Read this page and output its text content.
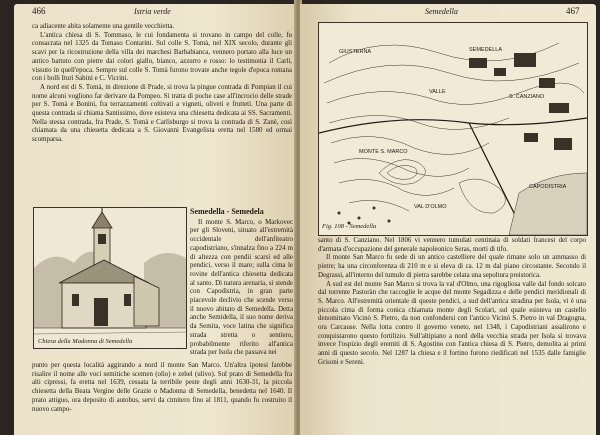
466	Istria verde

ca adiacente abita solamente una gentile vecchietta.

L'antica chiesa di S. Tommaso, le cui fondamenta si trovano in campo del colle, fu consacrata nel 1325 da Tomaso Contarini. Sul colle S. Tomà, nel XIX secolo, durante gli scavi per la ricostruzione della villa dei marchesi Barbabianca, vennero portato alla luce un antico battuto con pietre dai colori giallo, bianco, azzurro e rosso: lo testimonia il Carli, vissuto in quell'epoca. Sempre sul colle S. Tomà furono trovate anche tegole d'epoca romana con i bolli Iturì Sabini e C. Vicrini.

A nord est di S. Tomà, in direzione di Prade, si trova la pingue contrada di Pompian il cui nome alcuni vogliono far derivare da Pompeo. Si tratta di poche case all'incrocio delle strade per S. Tomà e Bonini, fra terrazzamenti coltivati a vigneti, oliveti e frutteti. Una parte di questa contrada si chiama Santissimo, dove esisteva una chiesetta dedicata ai SS. Sacramenti. Nella stessa contrada, fra Prade, S. Tomà e Carlisburgo si trova la contrada di S. Zanè, così chiamata da una chiesetta dedicata a S. Giovanni Evangelista eretta nel 1580 ed ormai scomparsa.

Chiesa della Madonna di Semedella
Semedella - Semedela

Il monte S. Marco, o Markovec per gli Sloveni, situato all'estremità occidentale dell'anfiteatro capodistriano, s'innalza fino a 224 m di altezza con pendii scarsi ed alle pendici, verso il mare; sulla cima le rovine dell'antica chiesetta dedicata al santo. Di natura arenaria, si stende con Capodistria, in gran parte piacevole declivio che scende verso il nuovo abitato di Semedella. Detta anche Semidella, il suo nome deriva da Semita, voce latina che significa strada stretta o sentiero, probabilmente riferito all'antica strada per Isola che passava nei

punto per questa località aggirando a nord il monte San Marco. Un'altra ipotesi farebbe risalire il nome alle voci semitiche scemen (olio) e zehel (ulivo). Sul prato di Semedella fra alti cipressi, fa eretta nel 1639, cessata la terribile peste degli anni 1630-31, la piccola chiesetta della Beata Vergine delle Grazie o Madonna di Semedella, benedetta nel 1640. Il prato attiguo, ora deposito di autobus, servi da cimitero fino al 1811, quando fu costruito il nuovo campo-

Semedella	467
SEMEDELLA
MONTE S. MARCO
VAL D'OLMO
CAPODISTRIA
GIUSTERNA
S. CANZIANO
VALLE
Fig. 108 - Semedella

santo di S. Canziano. Nel 1806 vi vennero tumulati centinaia di soldati francesi del corpo d'armata d'occupazione del generale napoleonico Seras, morti di tifo.

Il monte San Marco fu sede di un antico castelliere del quale rimane solo un ammasso di pietre; ha una circonferenza di 210 m e si eleva di ca. 12 m dal piano circostante. Secondo il Degrassi, all'interno del tumulo di pietra sarebbe celata una sepoltura preistorica.

A sud est del monte San Marco si trova la val d'Olmo, una rigogliosa valle dal fondo solcato dal torrente Pastoràn che raccoglie le acque del monte Segadizza e delle pendici meridionali di S. Marco. All'estremità orientale di queste pendici, a sud dell'antica stradina per Isola, vi è una piccola cima di forma conica chiamata monte degli Scolari, sul quale esisteva un castello denominato Vicinò S. Pietro, da non confondersi con l'antico Vicinò S. Pietro in val Dragogna, ora Carcause. Nella lotta contro il governo veneto, nel 1348, i Capodistriani assalirono e conquistarono questo fortilizio. Sull'altipiano a nord della vecchia strada per Isola si trovava invece l'ospizio degli eremiti di S. Agostino con l'antica chiesa di S. Pietro, demolita ai primi anni di questo secolo. Nel 1287 la chiesa e il fortino furono riedificati nel 1535 dalle famiglie Grisoni e Sereni.
